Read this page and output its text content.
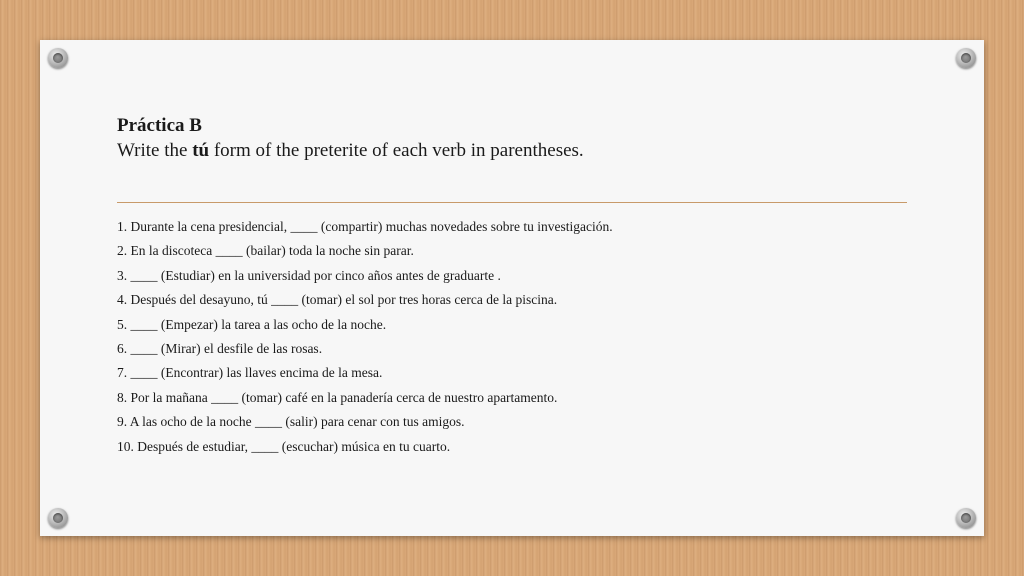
Práctica B
Write the tú form of the preterite of each verb in parentheses.
1. Durante la cena presidencial, ____ (compartir) muchas novedades sobre tu investigación.
2. En la discoteca ____ (bailar) toda la noche sin parar.
3. ____ (Estudiar) en la universidad por cinco años antes de graduarte .
4. Después del desayuno, tú ____ (tomar) el sol por tres horas cerca de la piscina.
5. ____ (Empezar) la tarea a las ocho de la noche.
6. ____ (Mirar) el desfile de las rosas.
7. ____ (Encontrar) las llaves encima de la mesa.
8. Por la mañana ____ (tomar) café en la panadería cerca de nuestro apartamento.
9. A las ocho de la noche ____ (salir) para cenar con tus amigos.
10. Después de estudiar, ____ (escuchar) música en tu cuarto.
